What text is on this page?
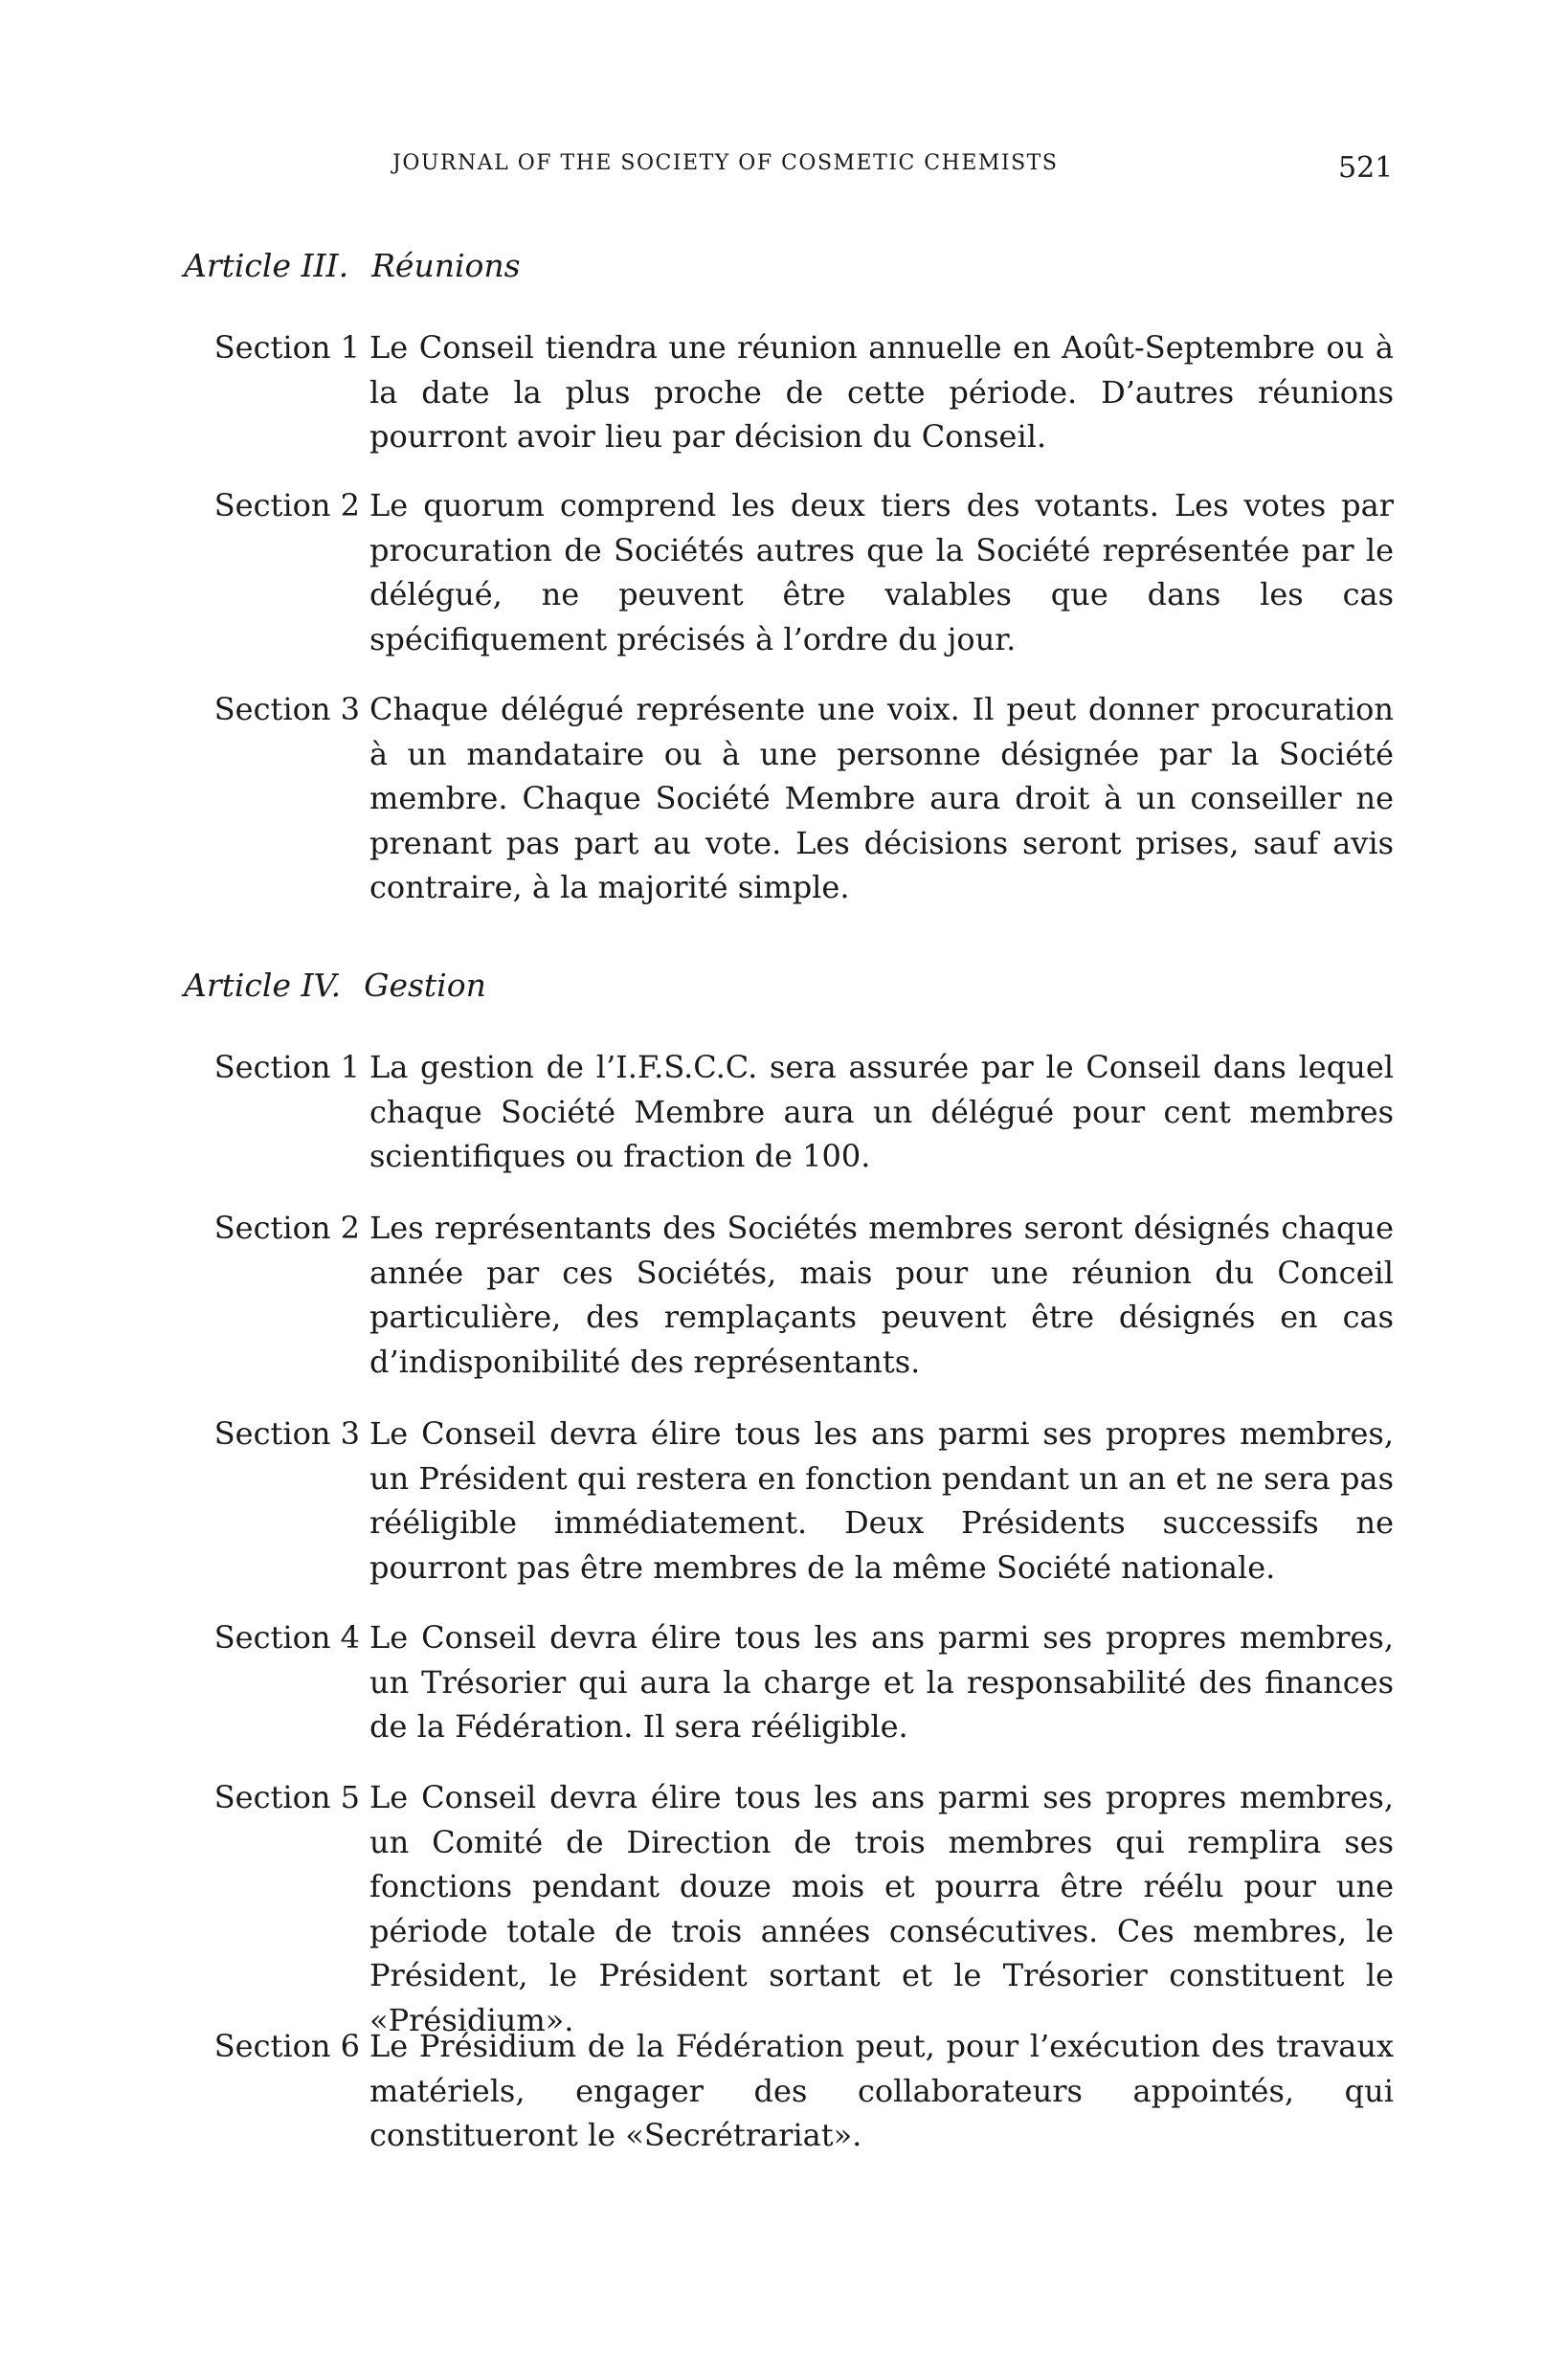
JOURNAL OF THE SOCIETY OF COSMETIC CHEMISTS	521
Article III. Réunions
Section 1 Le Conseil tiendra une réunion annuelle en Août-Septembre ou à la date la plus proche de cette période. D’autres réunions pourront avoir lieu par décision du Conseil.
Section 2 Le quorum comprend les deux tiers des votants. Les votes par procuration de Sociétés autres que la Société représentée par le délégué, ne peuvent être valables que dans les cas spécifiquement précisés à l’ordre du jour.
Section 3 Chaque délégué représente une voix. Il peut donner procuration à un mandataire ou à une personne désignée par la Société membre. Chaque Société Membre aura droit à un conseiller ne prenant pas part au vote. Les décisions seront prises, sauf avis contraire, à la majorité simple.
Article IV. Gestion
Section 1 La gestion de l’I.F.S.C.C. sera assurée par le Conseil dans lequel chaque Société Membre aura un délégué pour cent membres scientifiques ou fraction de 100.
Section 2 Les représentants des Sociétés membres seront désignés chaque année par ces Sociétés, mais pour une réunion du Conceil particulière, des remplaçants peuvent être désignés en cas d’indisponibilité des représentants.
Section 3 Le Conseil devra élire tous les ans parmi ses propres membres, un Président qui restera en fonction pendant un an et ne sera pas rééligible immédiatement. Deux Présidents successifs ne pourront pas être membres de la même Société nationale.
Section 4 Le Conseil devra élire tous les ans parmi ses propres membres, un Trésorier qui aura la charge et la responsabilité des finances de la Fédération. Il sera rééligible.
Section 5 Le Conseil devra élire tous les ans parmi ses propres membres, un Comité de Direction de trois membres qui remplira ses fonctions pendant douze mois et pourra être réélu pour une période totale de trois années consécutives. Ces membres, le Président, le Président sortant et le Trésorier constituent le «Présidium».
Section 6 Le Présidium de la Fédération peut, pour l’exécution des travaux matériels, engager des collaborateurs appointés, qui constitueront le «Secrétrariat».
